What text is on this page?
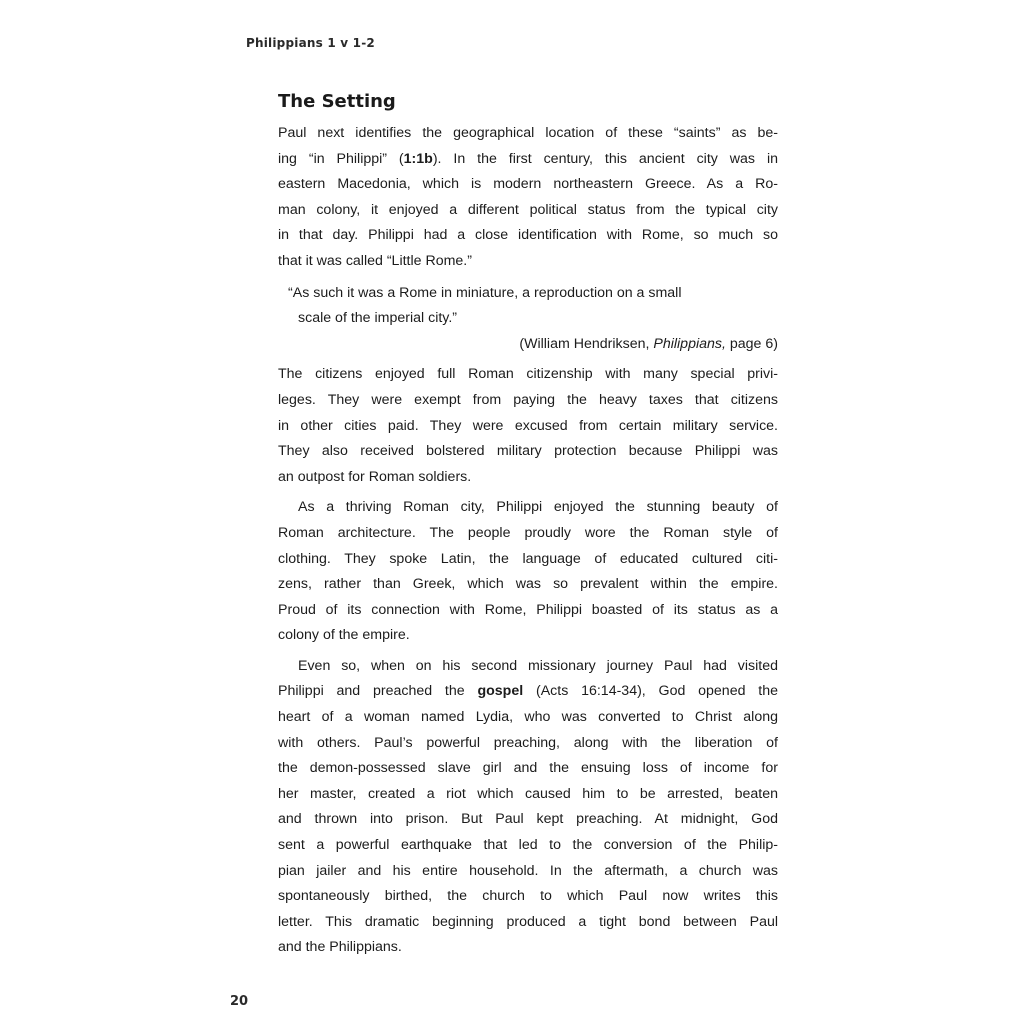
Philippians 1 v 1-2
The Setting

Paul next identifies the geographical location of these “saints” as be-
ing “in Philippi” (1:1b). In the first century, this ancient city was in
eastern Macedonia, which is modern northeastern Greece. As a Ro-
man colony, it enjoyed a different political status from the typical city
in that day. Philippi had a close identification with Rome, so much so
that it was called “Little Rome.”

“As such it was a Rome in miniature, a reproduction on a small
scale of the imperial city.”
(William Hendriksen, Philippians, page 6)

The citizens enjoyed full Roman citizenship with many special privi-
leges. They were exempt from paying the heavy taxes that citizens
in other cities paid. They were excused from certain military service.
They also received bolstered military protection because Philippi was
an outpost for Roman soldiers.

As a thriving Roman city, Philippi enjoyed the stunning beauty of
Roman architecture. The people proudly wore the Roman style of
clothing. They spoke Latin, the language of educated cultured citi-
zens, rather than Greek, which was so prevalent within the empire.
Proud of its connection with Rome, Philippi boasted of its status as a
colony of the empire.

Even so, when on his second missionary journey Paul had visited
Philippi and preached the gospel (Acts 16:14-34), God opened the
heart of a woman named Lydia, who was converted to Christ along
with others. Paul’s powerful preaching, along with the liberation of
the demon-possessed slave girl and the ensuing loss of income for
her master, created a riot which caused him to be arrested, beaten
and thrown into prison. But Paul kept preaching. At midnight, God
sent a powerful earthquake that led to the conversion of the Philip-
pian jailer and his entire household. In the aftermath, a church was
spontaneously birthed, the church to which Paul now writes this
letter. This dramatic beginning produced a tight bond between Paul
and the Philippians.

20
